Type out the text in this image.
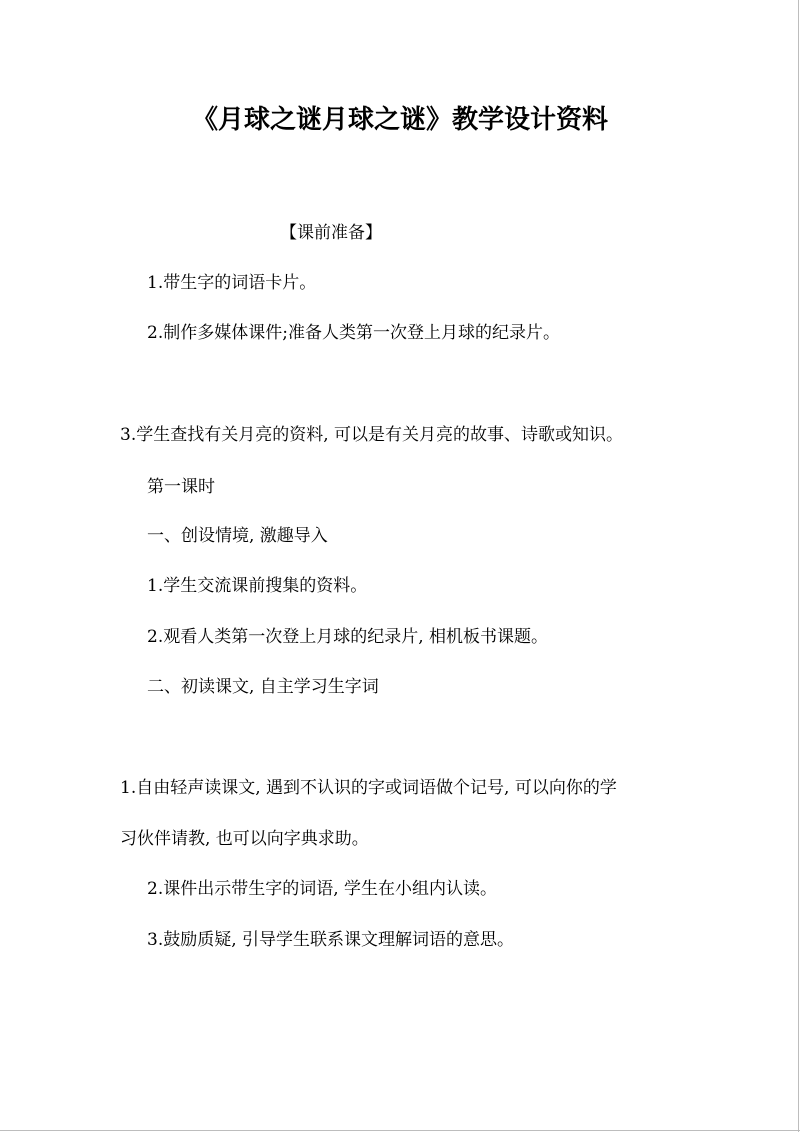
《月球之谜月球之谜》教学设计资料
【课前准备】
1.带生字的词语卡片。
2.制作多媒体课件;准备人类第一次登上月球的纪录片。
3.学生查找有关月亮的资料, 可以是有关月亮的故事、诗歌或知识。
第一课时
一、创设情境, 激趣导入
1.学生交流课前搜集的资料。
2.观看人类第一次登上月球的纪录片, 相机板书课题。
二、初读课文, 自主学习生字词
1.自由轻声读课文, 遇到不认识的字或词语做个记号, 可以向你的学
习伙伴请教, 也可以向字典求助。
2.课件出示带生字的词语, 学生在小组内认读。
3.鼓励质疑, 引导学生联系课文理解词语的意思。
